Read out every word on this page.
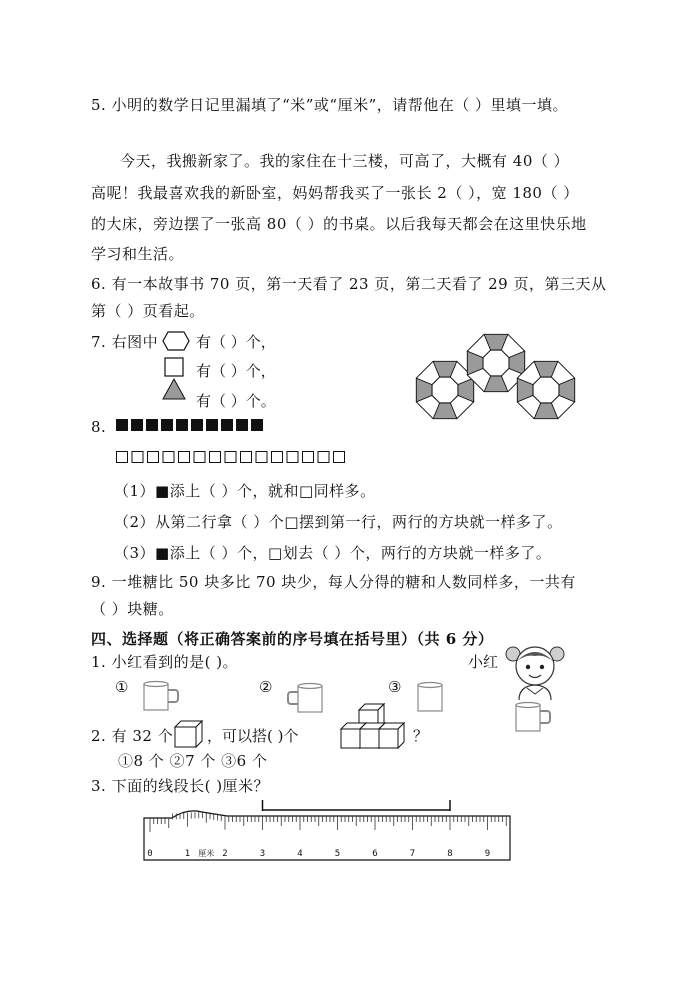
5. 小明的数学日记里漏填了“米”或“厘米”，请帮他在（ ）里填一填。
今天，我搬新家了。我的家住在十三楼，可高了，大概有 40（ ）
高呢！我最喜欢我的新卧室，妈妈帮我买了一张长 2（ ），宽 180（ ）
的大床，旁边摆了一张高 80（ ）的书桌。以后我每天都会在这里快乐地
学习和生活。
6. 有一本故事书 70 页，第一天看了 23 页，第二天看了 29 页，第三天从
第（ ）页看起。
7. 右图中	有（ ）个，
有（ ）个，
有（ ）个。
8.
（1）■添上（ ）个，就和□同样多。
（2）从第二行拿（ ）个□摆到第一行，两行的方块就一样多了。
（3）■添上（ ）个，□划去（ ）个，两行的方块就一样多了。
9. 一堆糖比 50 块多比 70 块少，每人分得的糖和人数同样多，一共有
（ ）块糖。
四、选择题（将正确答案前的序号填在括号里）（共 6 分）
1. 小红看到的是( )。	小红
①	②	③
2. 有 32 个 ，可以搭( )个	？
①8 个 ②7 个 ③6 个
3. 下面的线段长( )厘米？
0	1	2	3	4	5	6	7	8	9
厘米
